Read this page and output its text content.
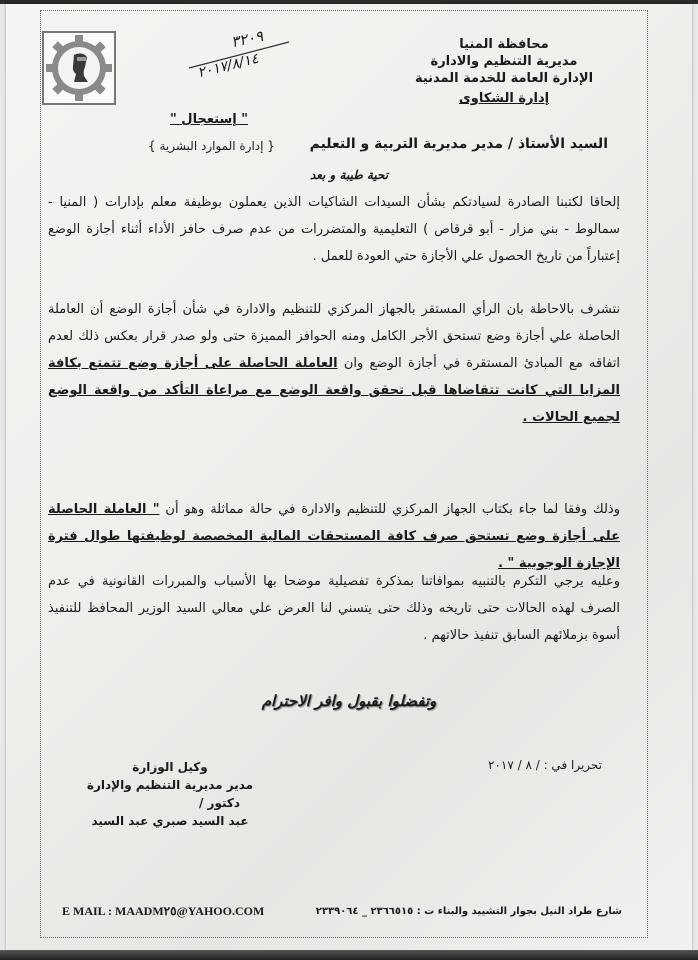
محافظة المنيا
مديرية التنظيم والادارة
الإدارة العامة للخدمة المدنية
إدارة الشكاوى
٣٢٠٩
٢٠١٧/٨/١٤
" إستعجال "
السيد الأستاذ / مدير مديرية التربية و التعليم
{ إدارة الموارد البشرية }
تحية طيبة و بعد
إلحاقا لكتبنا الصادرة لسيادتكم بشأن السيدات الشاكيات الذين يعملون بوظيفة معلم بإدارات ( المنيا - سمالوط - بني مزار - أبو قرقاص ) التعليمية والمتضررات من عدم صرف حافز الأداء أثناء أجازة الوضع إعتباراً من تاريخ الحصول علي الأجازة حتي العودة للعمل .
نتشرف بالاحاطة بان الرأي المستقر بالجهاز المركزي للتنظيم والادارة في شأن أجازة الوضع أن العاملة الحاصلة علي أجازة وضع تستحق الأجر الكامل ومنه الحوافز المميزة حتى ولو صدر قرار بعكس ذلك لعدم اتفاقه مع المبادئ المستقرة في أجازة الوضع وان العاملة الحاصلة على أجازة وضع تتمتع بكافة المزايا التي كانت تتقاضاها قبل تحقق واقعة الوضع مع مراعاة التأكد من واقعة الوضع لجميع الحالات .
وذلك وفقا لما جاء بكتاب الجهاز المركزي للتنظيم والادارة في حالة مماثلة وهو أن " العاملة الحاصلة على أجازة وضع تستحق صرف كافة المستحقات المالية المخصصة لوظيفتها طوال فترة الإجازة الوجوبية " .
وعليه يرجي التكرم بالتنبيه بموافاتنا بمذكرة تفصيلية موضحا بها الأسباب والمبررات القانونية في عدم الصرف لهذه الحالات حتى تاريخه وذلك حتى يتسني لنا العرض علي معالي السيد الوزير المحافظ للتنفيذ أسوة بزملائهم السابق تنفيذ حالاتهم .
وتفضلوا بقبول وافر الاحترام
تحريرا في : / ٨ / ٢٠١٧
وكيل الوزارة
مدير مديرية التنظيم والإدارة
دكتور /
عبد السيد صبري عبد السيد
E MAIL : MAADM٢٥@YAHOO.COM	شارع طراد النيل بجوار التشييد والبناء ت : ٢٣٦٦٥١٥ _ ٢٣٣٩٠٦٤
